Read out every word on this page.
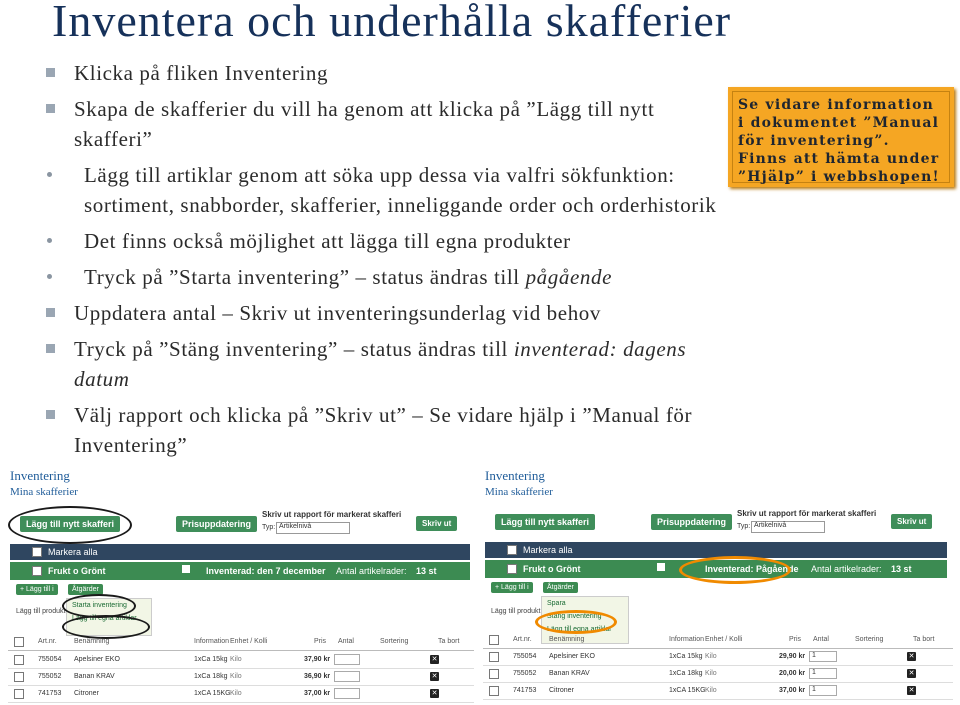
Inventera och underhålla skafferier
Klicka på fliken Inventering
Skapa de skafferier du vill ha genom att klicka på ”Lägg till nytt skafferi”
Lägg till artiklar genom att söka upp dessa via valfri sökfunktion: sortiment, snabborder, skafferier, inneliggande order och orderhistorik
Det finns också möjlighet att lägga till egna produkter
Tryck på ”Starta inventering” – status ändras till pågående
Uppdatera antal – Skriv ut inventeringsunderlag vid behov
Tryck på ”Stäng inventering” – status ändras till inventerad: dagens datum
Välj rapport och klicka på ”Skriv ut” – Se vidare hjälp i ”Manual för Inventering”
Se vidare information i dokumentet ”Manual för inventering”. Finns att hämta under ”Hjälp” i webbshopen!
Inventering
Mina skafferier
Lägg till nytt skafferi	Prisuppdatering
Skriv ut rapport för markerat skafferi
Typ: Artikelnivå	Skriv ut
Markera alla
Frukt o Grönt	Inventerad: den 7 december Antal artikelrader: 13 st
+ Lägg till i	Åtgärder
Lägg till produkt
Starta inventering
Lägg till egna artiklar
Art.nr. Benämning	Information Enhet / Kolli	Pris Antal	Sortering	Ta bort
755054 Apelsiner EKO	1xCa 15kg Kilo	37,90 kr	✕
755052 Banan KRAV	1xCa 18kg Kilo	36,90 kr	✕
741753 Citroner	1xCA 15KG Kilo	37,00 kr	✕
Inventering
Mina skafferier
Lägg till nytt skafferi	Prisuppdatering
Skriv ut rapport för markerat skafferi
Typ: Artikelnivå	Skriv ut
Markera alla
Frukt o Grönt	Inventerad: Pågående Antal artikelrader: 13 st
+ Lägg till i	Åtgärder
Lägg till produkt
Spara
Stäng inventering
Lägg till egna artiklar
Art.nr. Benämning	Information Enhet / Kolli	Pris Antal	Sortering	Ta bort
755054 Apelsiner EKO	1xCa 15kg Kilo	29,90 kr 1	✕
755052 Banan KRAV	1xCa 18kg Kilo	20,00 kr 1	✕
741753 Citroner	1xCA 15KG Kilo	37,00 kr 1	✕
